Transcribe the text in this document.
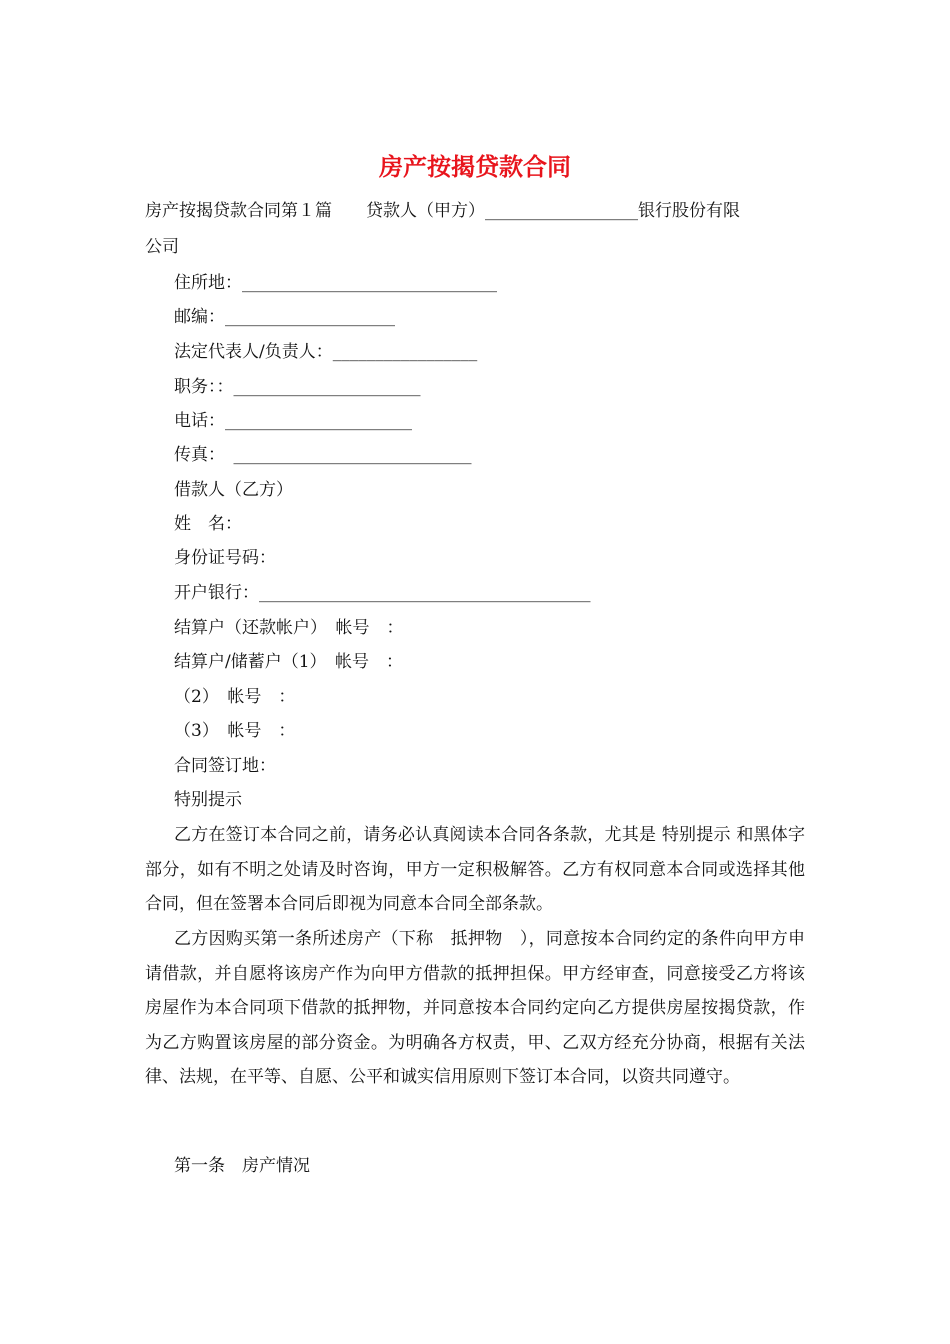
房产按揭贷款合同

房产按揭贷款合同第１篇　　贷款人（甲方）__________________银行股份有限

公司

住所地：______________________________

邮编：____________________

法定代表人/负责人：_________________

职务：：______________________

电话：______________________

传真：　____________________________

借款人（乙方）

姓　名：

身份证号码：

开户银行：_______________________________________

结算户（还款帐户）　帐号　：

结算户/储蓄户（1）　帐号　：

（2）　帐号　：

（3）　帐号　：

合同签订地：

特别提示

乙方在签订本合同之前，请务必认真阅读本合同各条款，尤其是 特别提示 和黑体字部分，如有不明之处请及时咨询，甲方一定积极解答。乙方有权同意本合同或选择其他合同，但在签署本合同后即视为同意本合同全部条款。

乙方因购买第一条所述房产（下称　抵押物　），同意按本合同约定的条件向甲方申请借款，并自愿将该房产作为向甲方借款的抵押担保。甲方经审查，同意接受乙方将该房屋作为本合同项下借款的抵押物，并同意按本合同约定向乙方提供房屋按揭贷款，作为乙方购置该房屋的部分资金。为明确各方权责，甲、乙双方经充分协商，根据有关法律、法规，在平等、自愿、公平和诚实信用原则下签订本合同，以资共同遵守。

第一条　房产情况
